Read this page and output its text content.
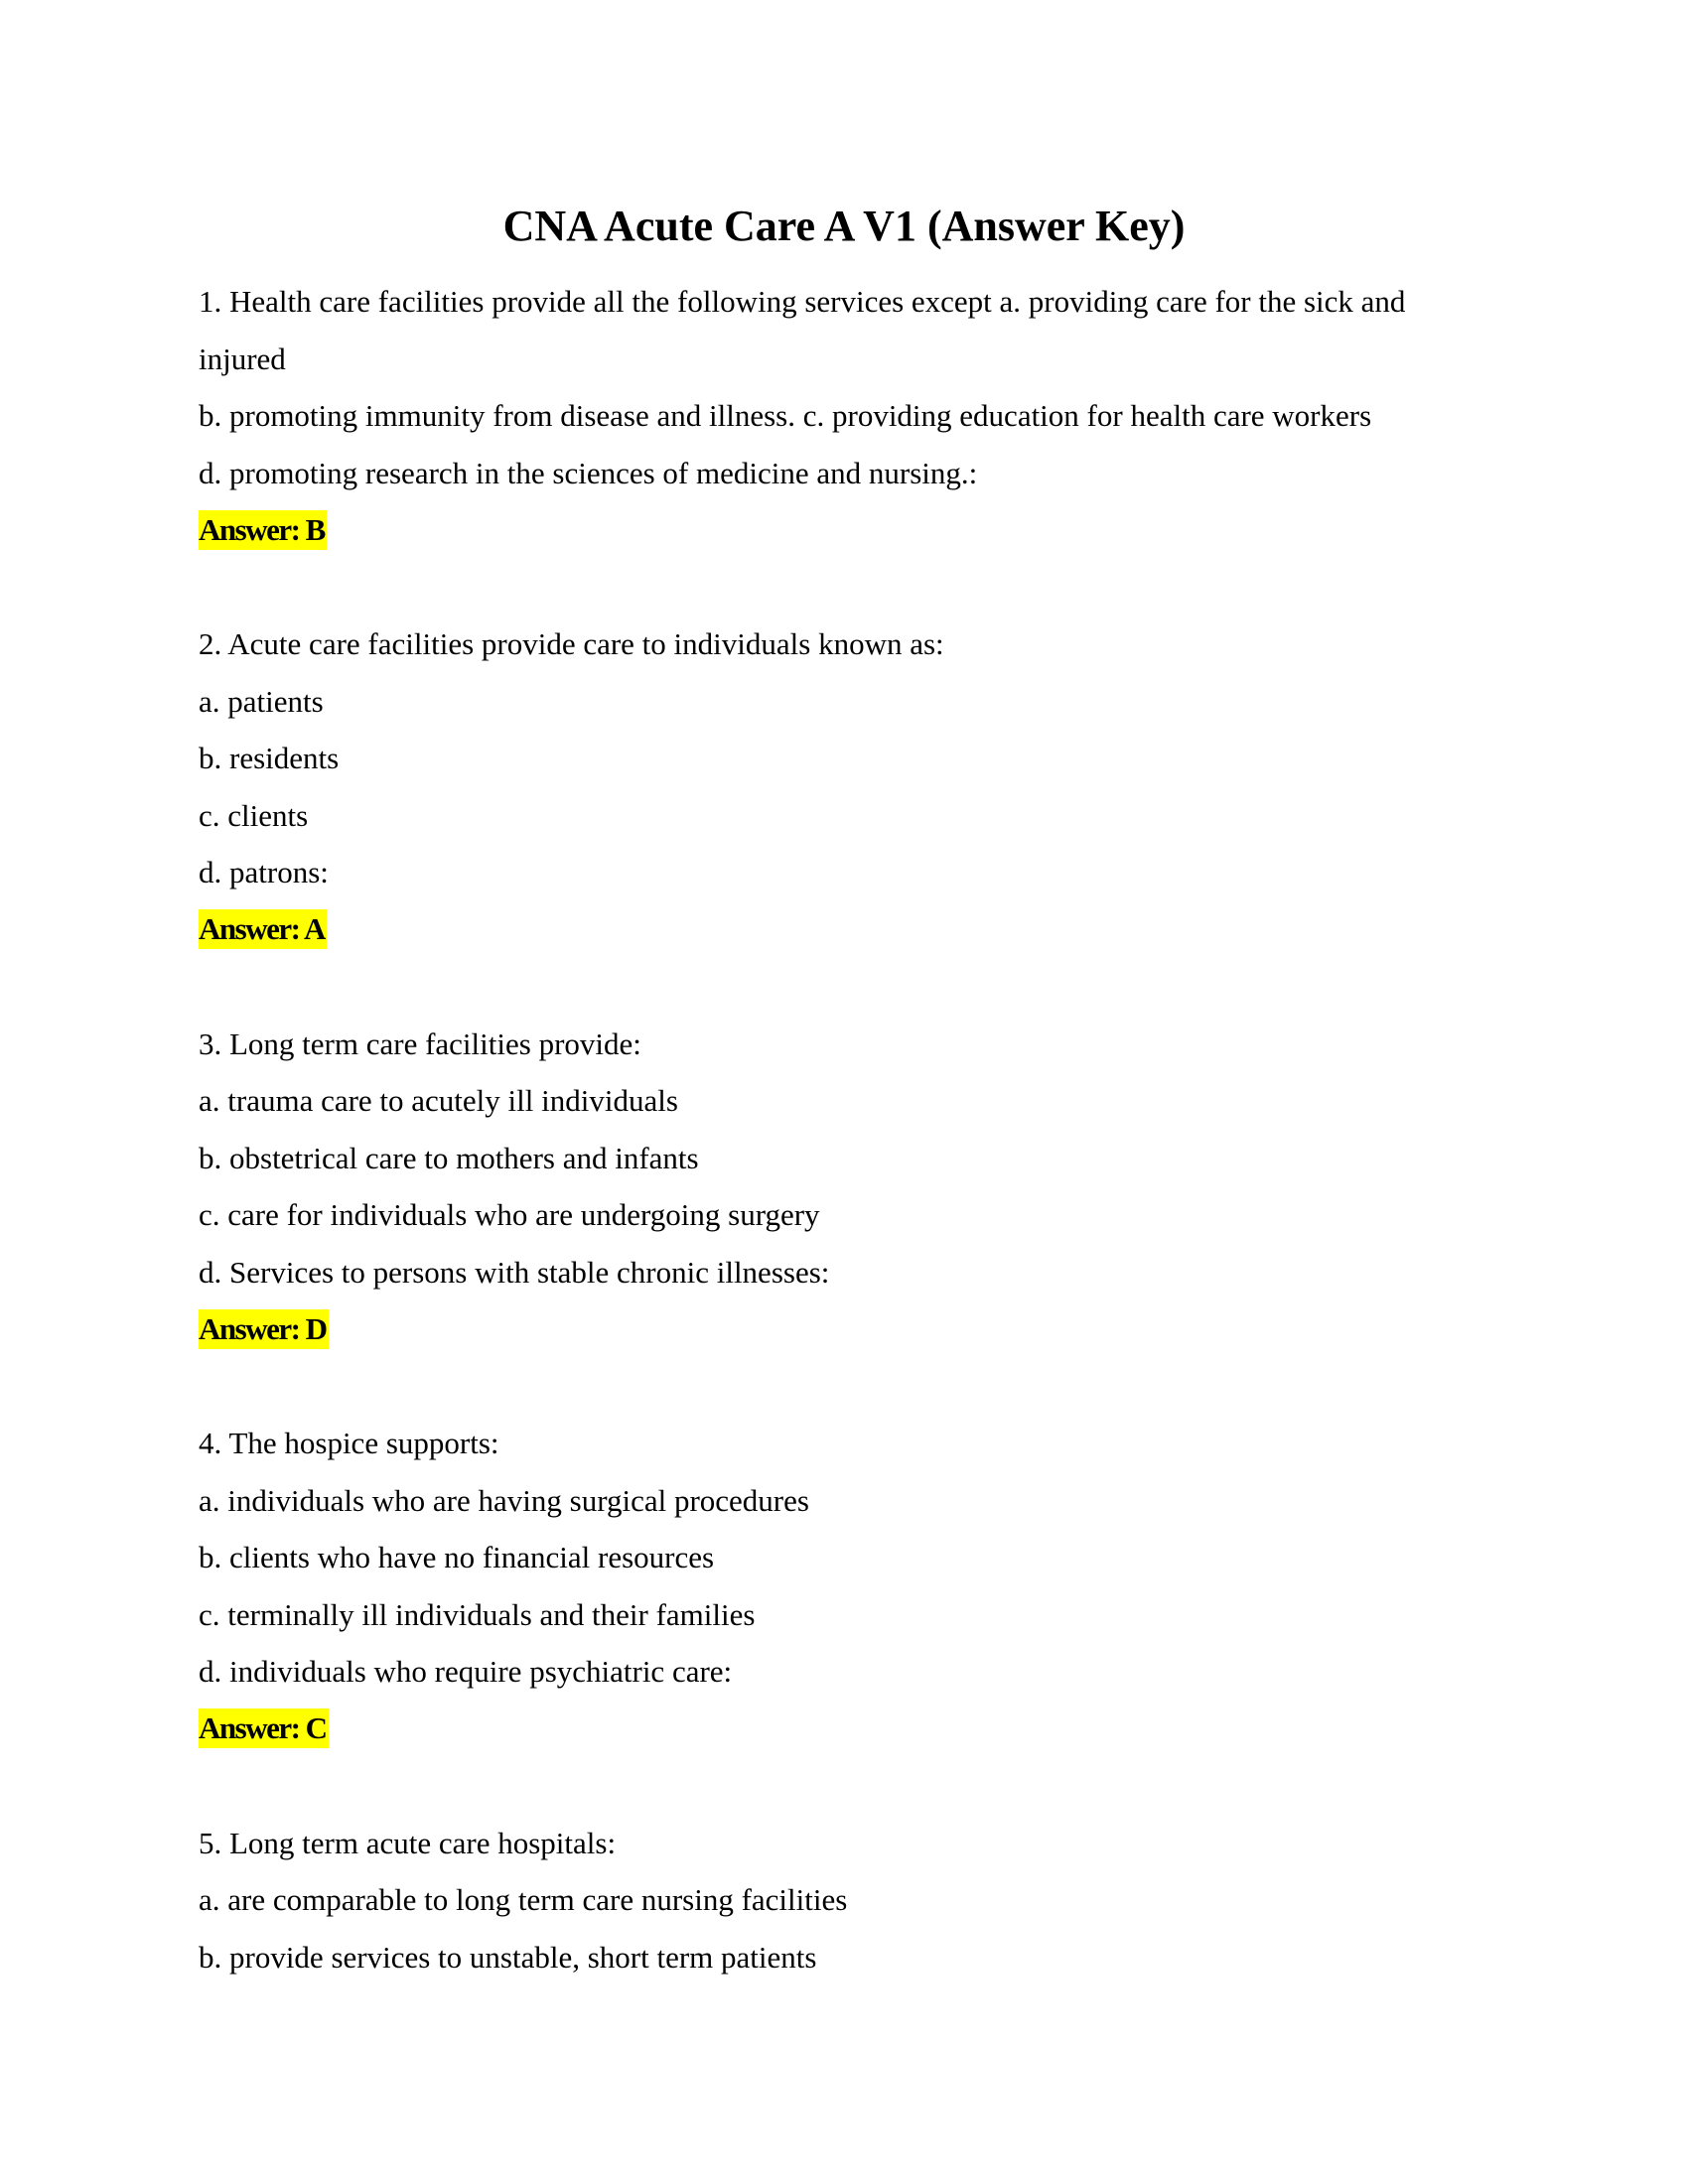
CNA Acute Care A V1 (Answer Key)

1. Health care facilities provide all the following services except a. providing care for the sick and

injured

b. promoting immunity from disease and illness. c. providing education for health care workers

d. promoting research in the sciences of medicine and nursing.:

Answer: B

2. Acute care facilities provide care to individuals known as:

a. patients

b. residents

c. clients

d. patrons:

Answer: A

3. Long term care facilities provide:

a. trauma care to acutely ill individuals

b. obstetrical care to mothers and infants

c. care for individuals who are undergoing surgery

d. Services to persons with stable chronic illnesses:

Answer: D

4. The hospice supports:

a. individuals who are having surgical procedures

b. clients who have no financial resources

c. terminally ill individuals and their families

d. individuals who require psychiatric care:

Answer: C

5. Long term acute care hospitals:

a. are comparable to long term care nursing facilities

b. provide services to unstable, short term patients
